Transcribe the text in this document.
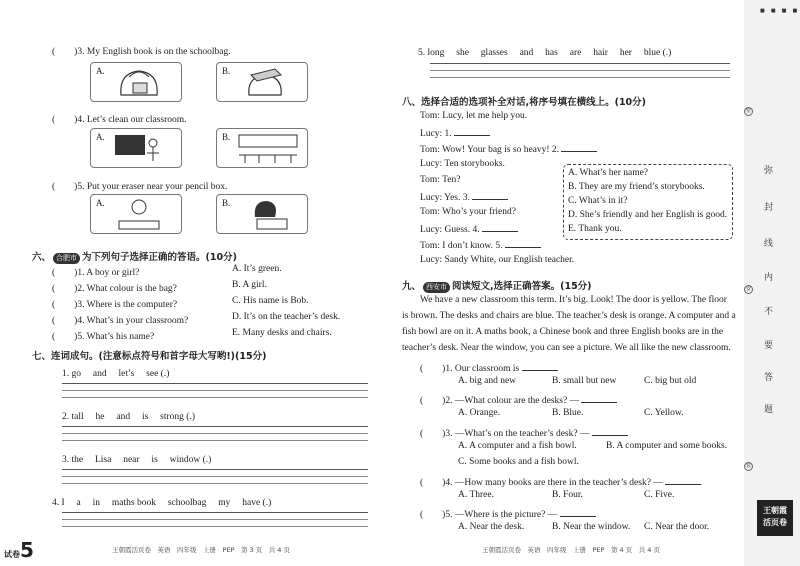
(　　)3. My English book is on the schoolbag.
A.	B.
(　　)4. Let’s clean our classroom.
A.	B.
(　　)5. Put your eraser near your pencil box.
A.	B.
六、 合肥市 为下列句子选择正确的答语。(10分)
(　　)1. A boy or girl?	A. It’s green.
(　　)2. What colour is the bag?	B. A girl.
(　　)3. Where is the computer?	C. His name is Bob.
(　　)4. What’s in your classroom?	D. It’s on the teacher’s desk.
(　　)5. What’s his name?	E. Many desks and chairs.
七、连词成句。(注意标点符号和首字母大写哟!)(15分)
1. go　 and　 let’s　 see (.)
2. tall　 he　 and　 is　 strong (.)
3. the　 Lisa　 near　 is　 window (.)
4. I　 a　 in　 maths book　 schoolbag　 my　 have (.)
试卷5	王朝霞活页卷　英语　四年级　上册　PEP　第 3 页　共 4 页
5. long　 she　 glasses　 and　 has　 are　 hair　 her　 blue (.)
八、选择合适的选项补全对话,将序号填在横线上。(10分)
Tom: Lucy, let me help you.
Lucy: 1.
Tom: Wow! Your bag is so heavy! 2.
Lucy: Ten storybooks.
Tom: Ten?
Lucy: Yes. 3.
Tom: Who’s your friend?
Lucy: Guess. 4.
Tom: I don’t know. 5.
Lucy: Sandy White, our English teacher.
A. What’s her name?
B. They are my friend’s storybooks.
C. What’s in it?
D. She’s friendly and her English is good.
E. Thank you.
九、 西安市 阅读短文,选择正确答案。(15分)
We have a new classroom this term. It’s big. Look! The door is yellow. The floor
is brown. The desks and chairs are blue. The teacher’s desk is orange. A computer and a
fish bowl are on it. A maths book, a Chinese book and three English books are in the
teacher’s desk. Near the window, you can see a picture. We all like the new classroom.
(　　)1. Our classroom is
A. big and new	B. small but new	C. big but old
(　　)2. —What colour are the desks? —
A. Orange.	B. Blue.	C. Yellow.
(　　)3. —What’s on the teacher’s desk? —
A. A computer and a fish bowl.	B. A computer and some books.
C. Some books and a fish bowl.
(　　)4. —How many books are there in the teacher’s desk? —
A. Three.	B. Four.	C. Five.
(　　)5. —Where is the picture? —
A. Near the desk.	B. Near the window. C. Near the door.
王朝霞活页卷　英语　四年级　上册　PEP　第 4 页　共 4 页
■ ■ ■ ■
密
安
装
弥
封
线
内
不
要
答
题
王朝霞
活页卷
